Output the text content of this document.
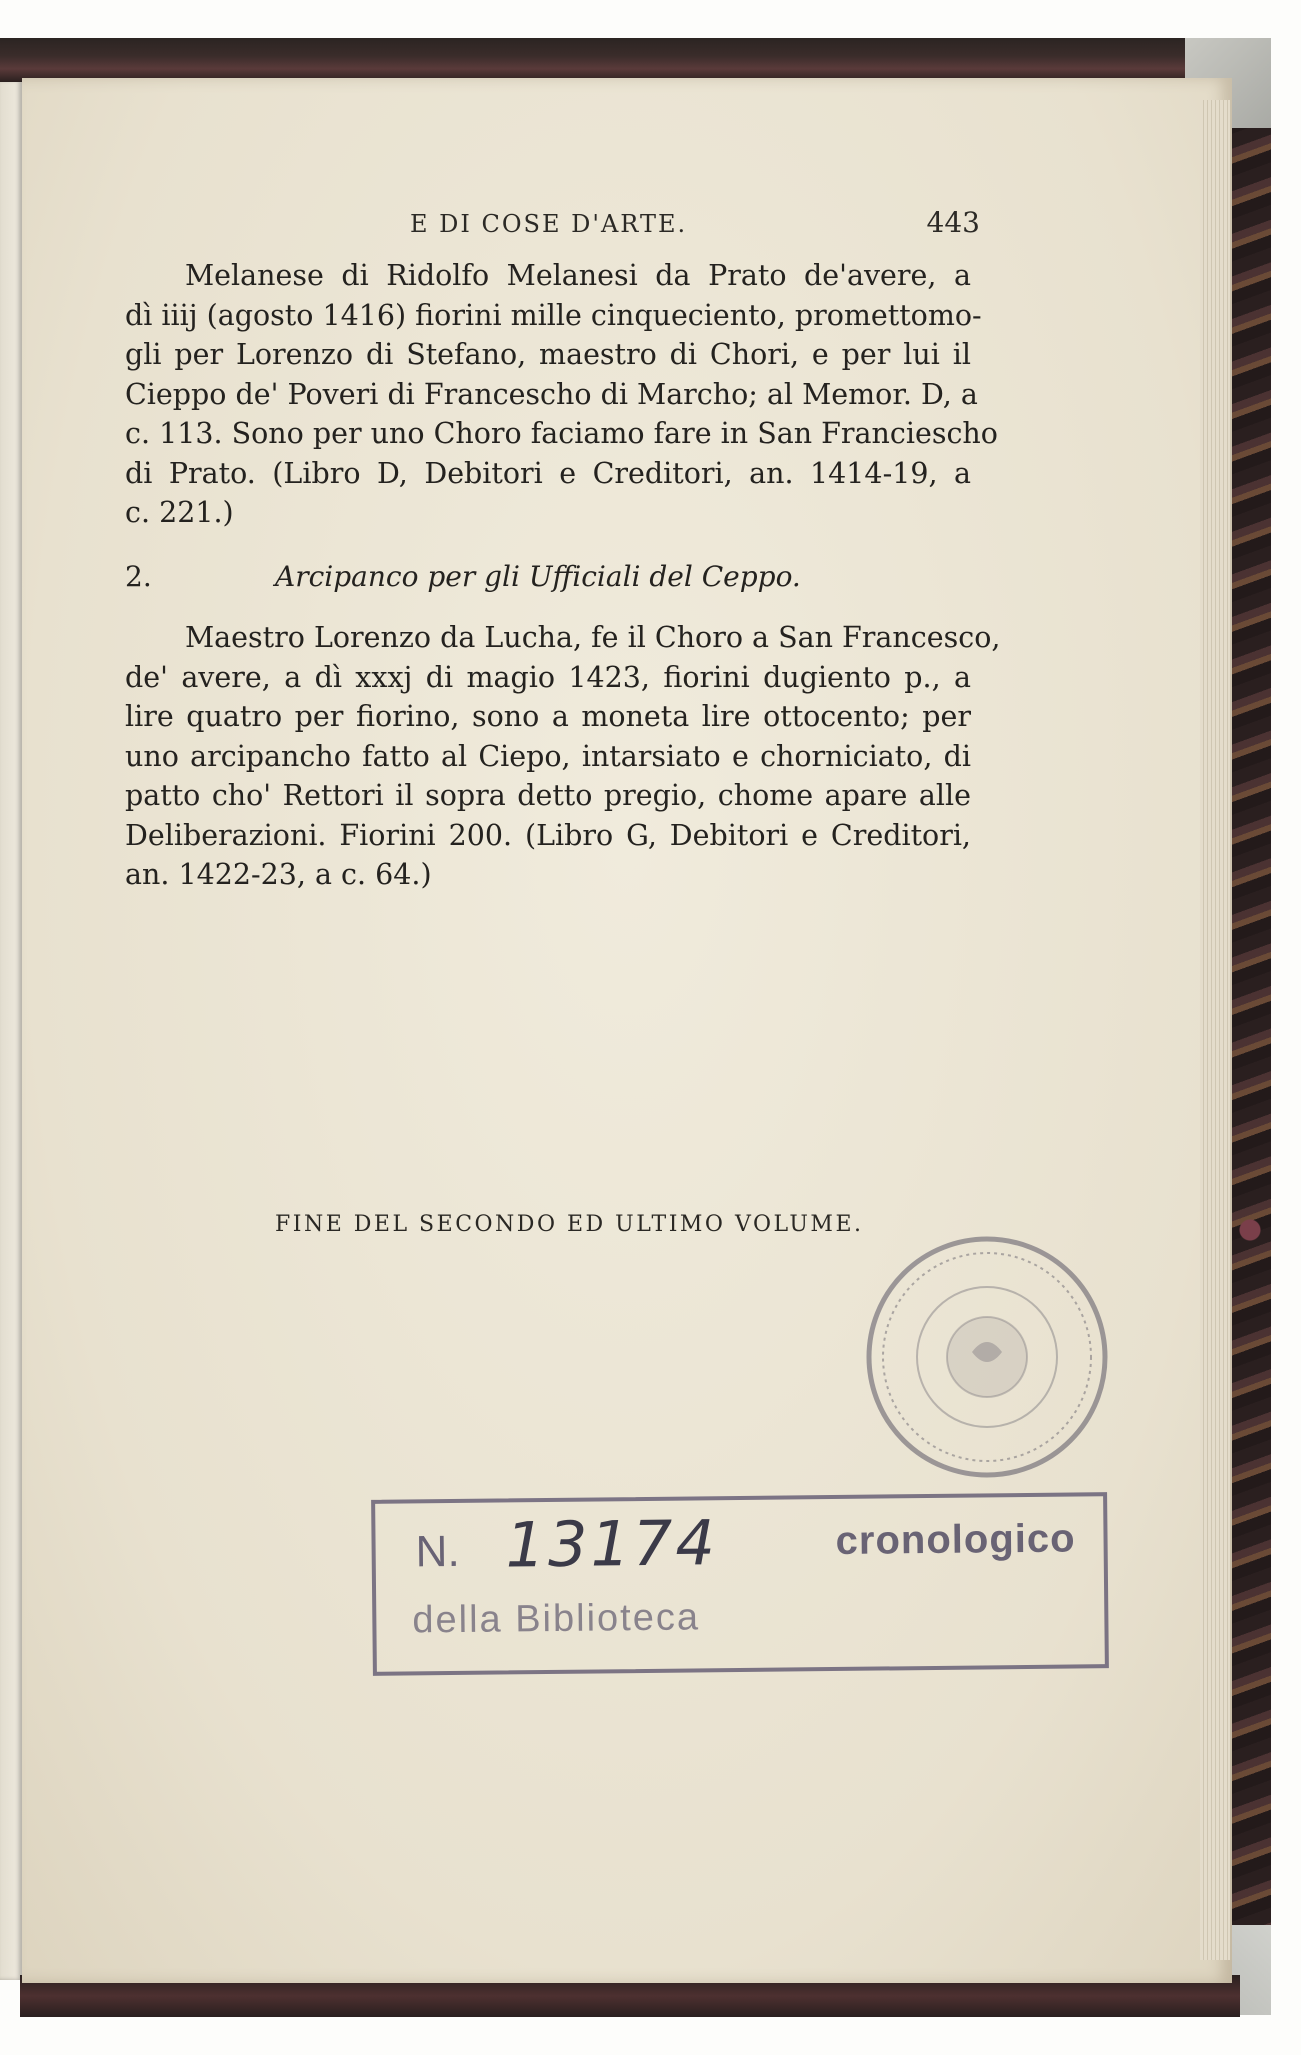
E DI COSE D'ARTE.	443
Melanese di Ridolfo Melanesi da Prato de'avere, a
dì iiij (agosto 1416) fiorini mille cinqueciento, promettomo-
gli per Lorenzo di Stefano, maestro di Chori, e per lui il
Cieppo de' Poveri di Francescho di Marcho; al Memor. D, a
c. 113. Sono per uno Choro faciamo fare in San Franciescho
di Prato. (Libro D, Debitori e Creditori, an. 1414-19, a
c. 221.)
2.	Arcipanco per gli Ufficiali del Ceppo.
Maestro Lorenzo da Lucha, fe il Choro a San Francesco,
de' avere, a dì xxxj di magio 1423, fiorini dugiento p., a
lire quatro per fiorino, sono a moneta lire ottocento; per
uno arcipancho fatto al Ciepo, intarsiato e chorniciato, di
patto cho' Rettori il sopra detto pregio, chome apare alle
Deliberazioni. Fiorini 200. (Libro G, Debitori e Creditori,
an. 1422-23, a c. 64.)
FINE DEL SECONDO ED ULTIMO VOLUME.
N. 13174	cronologico
della Biblioteca
